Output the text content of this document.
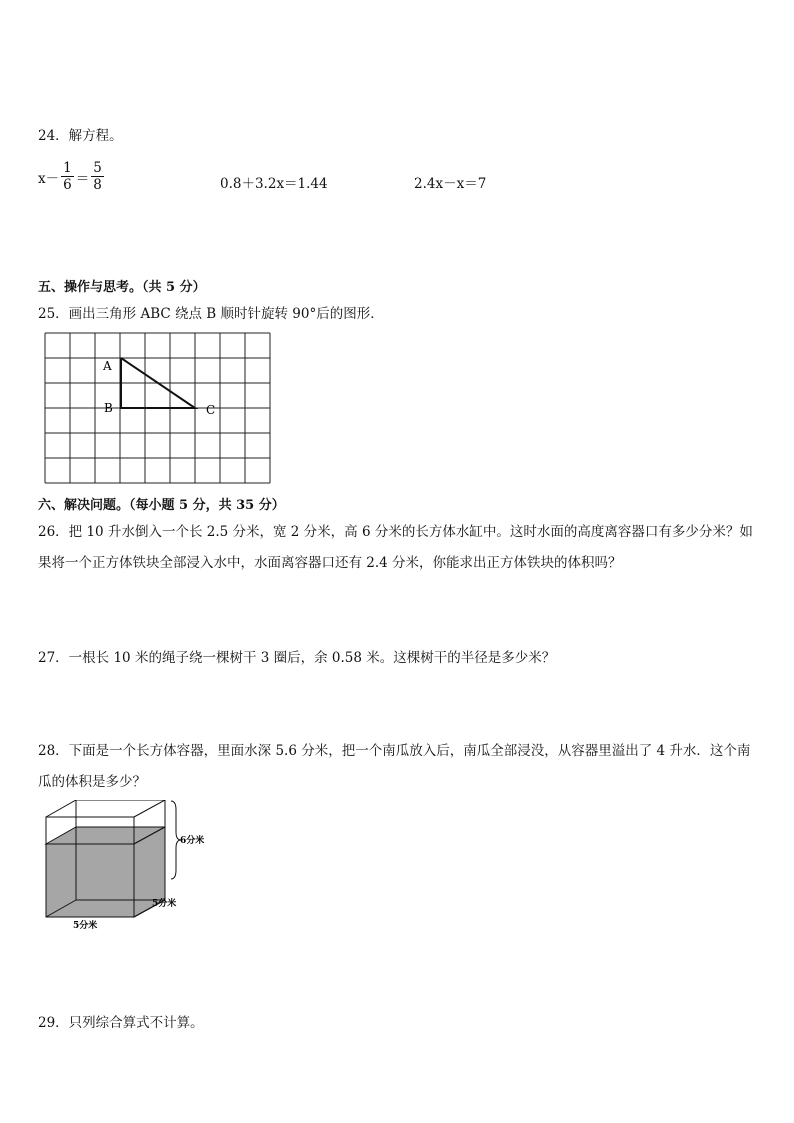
24．解方程。
$x- \frac{1}{6} = \frac{5}{8}$	0.8＋3.2x＝1.44	2.4x－x＝7
五、操作与思考。（共 5 分）
25．画出三角形 ABC 绕点 B 顺时针旋转 90°后的图形．
A
B	C
六、解决问题。（每小题 5 分，共 35 分）
26．把 10 升水倒入一个长 2.5 分米，宽 2 分米，高 6 分米的长方体水缸中。这时水面的高度离容器口有多少分米？如
果将一个正方体铁块全部浸入水中，水面离容器口还有 2.4 分米，你能求出正方体铁块的体积吗？
27．一根长 10 米的绳子绕一棵树干 3 圈后，余 0.58 米。这棵树干的半径是多少米？
28．下面是一个长方体容器，里面水深 5.6 分米，把一个南瓜放入后，南瓜全部浸没，从容器里溢出了 4 升水．这个南
瓜的体积是多少？
6分米
5分米
5分米
29．只列综合算式不计算。
